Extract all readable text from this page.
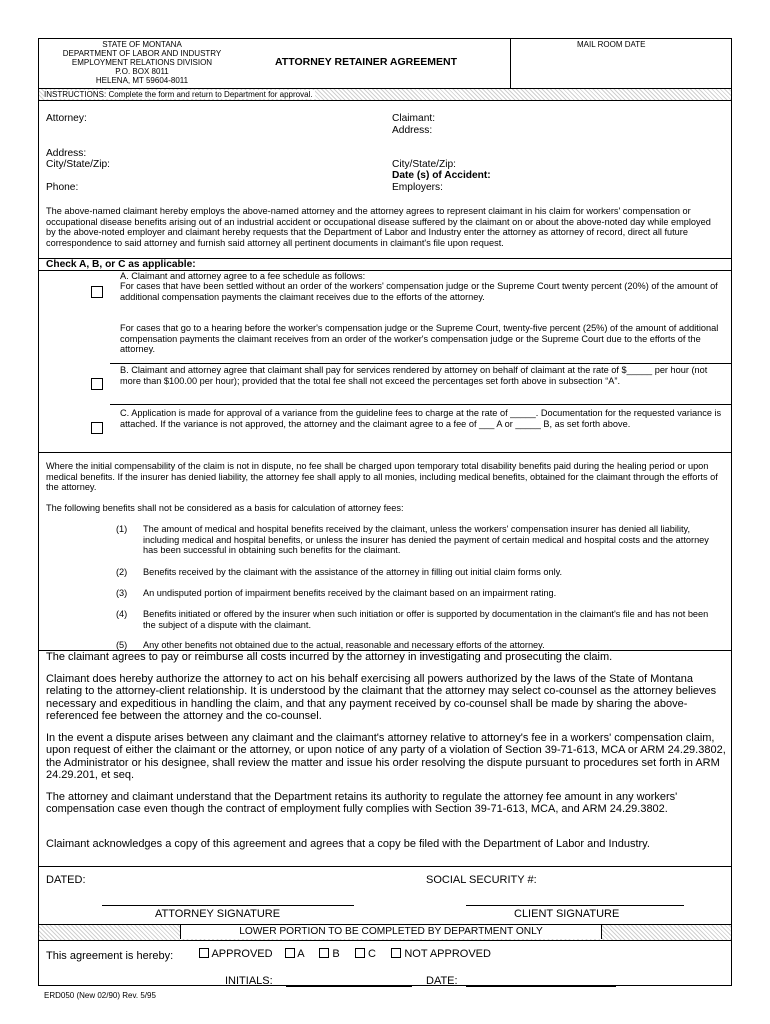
STATE OF MONTANA
DEPARTMENT OF LABOR AND INDUSTRY
EMPLOYMENT RELATIONS DIVISION
P.O. BOX 8011
HELENA, MT 59604-8011
ATTORNEY RETAINER AGREEMENT
MAIL ROOM DATE
INSTRUCTIONS: Complete the form and return to Department for approval.
Attorney:
Address:
City/State/Zip:
Phone:
Claimant:
Address:
City/State/Zip:
Date (s) of Accident:
Employers:
The above-named claimant hereby employs the above-named attorney and the attorney agrees to represent claimant in his claim for workers' compensation or occupational disease benefits arising out of an industrial accident or occupational disease suffered by the claimant on or about the above-noted day while employed by the above-noted employer and claimant hereby requests that the Department of Labor and Industry enter the attorney as attorney of record, direct all future correspondence to said attorney and furnish said attorney all pertinent documents in claimant's file upon request.
Check A, B, or C as applicable:
A. Claimant and attorney agree to a fee schedule as follows:
For cases that have been settled without an order of the workers' compensation judge or the Supreme Court twenty percent (20%) of the amount of additional compensation payments the claimant receives due to the efforts of the attorney.
For cases that go to a hearing before the worker's compensation judge or the Supreme Court, twenty-five percent (25%) of the amount of additional compensation payments the claimant receives from an order of the worker's compensation judge or the Supreme Court due to the efforts of the attorney.
B. Claimant and attorney agree that claimant shall pay for services rendered by attorney on behalf of claimant at the rate of $_____ per hour (not more than $100.00 per hour); provided that the total fee shall not exceed the percentages set forth above in subsection “A”.
C. Application is made for approval of a variance from the guideline fees to charge at the rate of _____. Documentation for the requested variance is attached. If the variance is not approved, the attorney and the claimant agree to a fee of ___ A or _____ B, as set forth above.
Where the initial compensability of the claim is not in dispute, no fee shall be charged upon temporary total disability benefits paid during the healing period or upon medical benefits. If the insurer has denied liability, the attorney fee shall apply to all monies, including medical benefits, obtained for the claimant through the efforts of the attorney.
The following benefits shall not be considered as a basis for calculation of attorney fees:
(1) The amount of medical and hospital benefits received by the claimant, unless the workers' compensation insurer has denied all liability, including medical and hospital benefits, or unless the insurer has denied the payment of certain medical and hospital costs and the attorney has been successful in obtaining such benefits for the claimant.
(2) Benefits received by the claimant with the assistance of the attorney in filling out initial claim forms only.
(3) An undisputed portion of impairment benefits received by the claimant based on an impairment rating.
(4) Benefits initiated or offered by the insurer when such initiation or offer is supported by documentation in the claimant's file and has not been the subject of a dispute with the claimant.
(5) Any other benefits not obtained due to the actual, reasonable and necessary efforts of the attorney.
The claimant agrees to pay or reimburse all costs incurred by the attorney in investigating and prosecuting the claim.
Claimant does hereby authorize the attorney to act on his behalf exercising all powers authorized by the laws of the State of Montana relating to the attorney-client relationship. It is understood by the claimant that the attorney may select co-counsel as the attorney believes necessary and expeditious in handling the claim, and that any payment received by co-counsel shall be made by sharing the above-referenced fee between the attorney and the co-counsel.
In the event a dispute arises between any claimant and the claimant's attorney relative to attorney's fee in a workers' compensation claim, upon request of either the claimant or the attorney, or upon notice of any party of a violation of Section 39-71-613, MCA or ARM 24.29.3802, the Administrator or his designee, shall review the matter and issue his order resolving the dispute pursuant to procedures set forth in ARM 24.29.201, et seq.
The attorney and claimant understand that the Department retains its authority to regulate the attorney fee amount in any workers' compensation case even though the contract of employment fully complies with Section 39-71-613, MCA, and ARM 24.29.3802.
Claimant acknowledges a copy of this agreement and agrees that a copy be filed with the Department of Labor and Industry.
DATED:	SOCIAL SECURITY #:
ATTORNEY SIGNATURE	CLIENT SIGNATURE
LOWER PORTION TO BE COMPLETED BY DEPARTMENT ONLY
This agreement is hereby:	APPROVED A	B	C	NOT APPROVED
INITIALS:	DATE:
ERD050 (New 02/90) Rev. 5/95
